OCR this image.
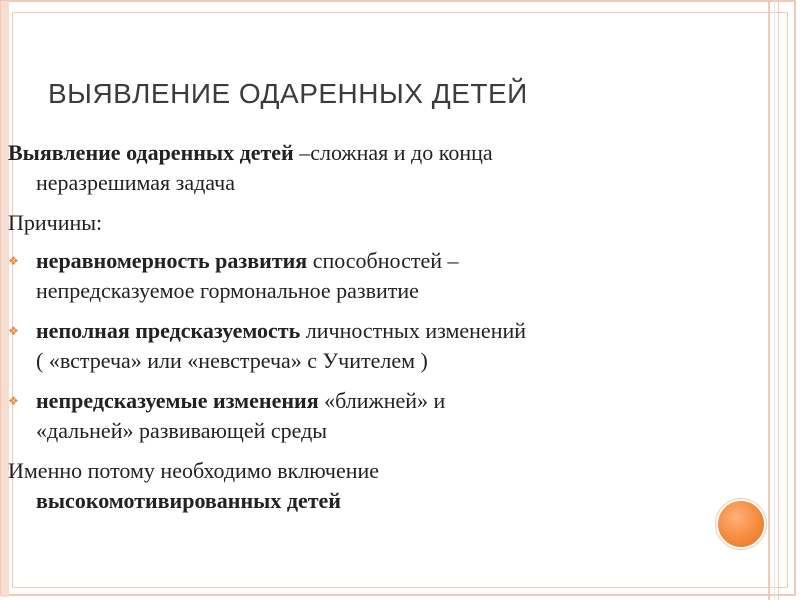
ВЫЯВЛЕНИЕ ОДАРЕННЫХ ДЕТЕЙ

Выявление одаренных детей –сложная и до конца
неразрешимая задача

Причины:

❖ неравномерность развития способностей –
непредсказуемое гормональное развитие
❖ неполная предсказуемость личностных изменений
( «встреча» или «невстреча» с Учителем )
❖ непредсказуемые изменения «ближней» и
«дальней» развивающей среды

Именно потому необходимо включение
высокомотивированных детей
